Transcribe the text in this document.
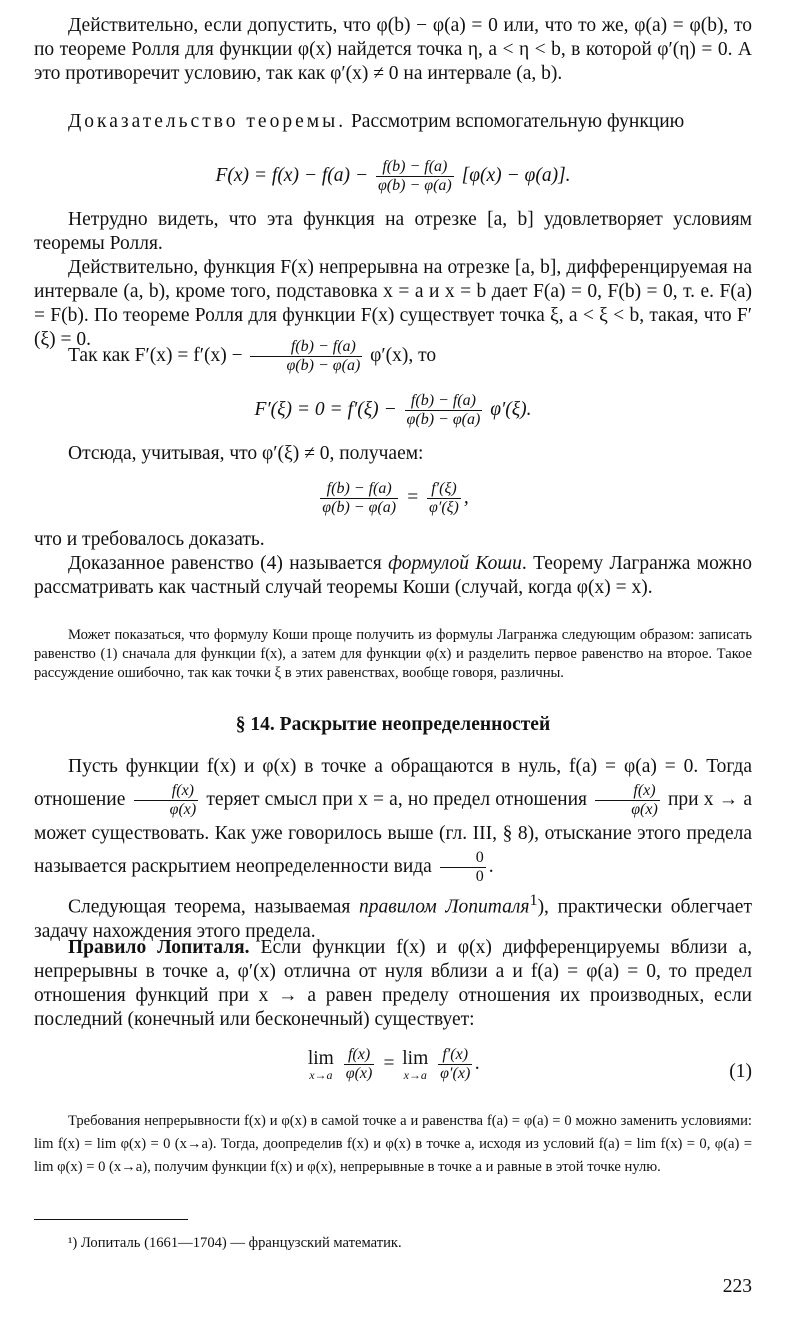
Действительно, если допустить, что φ(b) − φ(a) = 0 или, что то же, φ(a) = φ(b), то по теореме Ролля для функции φ(x) найдется точка η, a < η < b, в которой φ′(η) = 0. А это противоречит условию, так как φ′(x) ≠ 0 на интервале (a, b).

Доказательство теоремы. Рассмотрим вспомогательную функцию

$F(x) = f(x) - f(a) - \frac{f(b) - f(a)}{\varphi(b) - \varphi(a)} [\varphi(x) - \varphi(a)]$.

Нетрудно видеть, что эта функция на отрезке [a, b] удовлетворяет условиям теоремы Ролля.

Действительно, функция F(x) непрерывна на отрезке [a, b], дифференцируемая на интервале (a, b), кроме того, подставовка x = a и x = b дает F(a) = 0, F(b) = 0, т. е. F(a) = F(b). По теореме Ролля для функции F(x) существует точка ξ, a < ξ < b, такая, что F′(ξ) = 0.

Так как $F'(x) = f'(x) - \frac{f(b) - f(a)}{\varphi(b) - \varphi(a)} \varphi'(x)$, то
$F'(\xi) = 0 = f'(\xi) - \frac{f(b) - f(a)}{\varphi(b) - \varphi(a)} \varphi'(\xi)$.

Отсюда, учитывая, что φ′(ξ) ≠ 0, получаем:

$\frac{f(b) - f(a)}{\varphi(b) - \varphi(a)} = \frac{f'(\xi)}{\varphi'(\xi)}$ ,

что и требовалось доказать.

Доказанное равенство (4) называется формулой Коши. Теорему Лагранжа можно рассматривать как частный случай теоремы Коши (случай, когда φ(x) = x).

Может показаться, что формулу Коши проще получить из формулы Лагранжа следующим образом: записать равенство (1) сначала для функции f(x), а затем для функции φ(x) и разделить первое равенство на второе. Такое рассуждение ошибочно, так как точки ξ в этих равенствах, вообще говоря, различны.

§ 14. Раскрытие неопределенностей
Пусть функции f(x) и φ(x) в точке a обращаются в нуль, f(a) = φ(a) = 0. Тогда отношение $\frac{f(x)}{\varphi(x)}$ теряет смысл при x = a, но предел отношения $\frac{f(x)}{\varphi(x)}$ при x → a может существовать. Как уже говорилось выше (гл. III, § 8), отыскание этого предела называется раскрытием неопределенности вида $\frac{0}{0}$ .

Следующая теорема, называемая правилом Лопиталя$^1$), практически облегчает задачу нахождения этого предела.

Правило Лопиталя. Если функции f(x) и φ(x) дифференцируемы вблизи a, непрерывны в точке a, φ′(x) отлична от нуля вблизи a и f(a) = φ(a) = 0, то предел отношения функций при x → a равен пределу отношения их производных, если последний (конечный или бесконечный) существует:

lim
x→a
$\frac{f(x)}{\varphi(x)} = \lim$
x→a
$\frac{f'(x)}{\varphi'(x)}$ .	(1)

Требования непрерывности f(x) и φ(x) в самой точке a и равенства f(a) = φ(a) = 0 можно заменить условиями: lim f(x) = lim φ(x) = 0 (x→a). Тогда, доопределив f(x) и φ(x) в точке a, исходя из условий f(a) = lim f(x) = 0, φ(a) = lim φ(x) = 0 (x→a), получим функции f(x) и φ(x), непрерывные в точке a и равные в этой точке нулю.

¹) Лопиталь (1661—1704) — французский математик.

223
